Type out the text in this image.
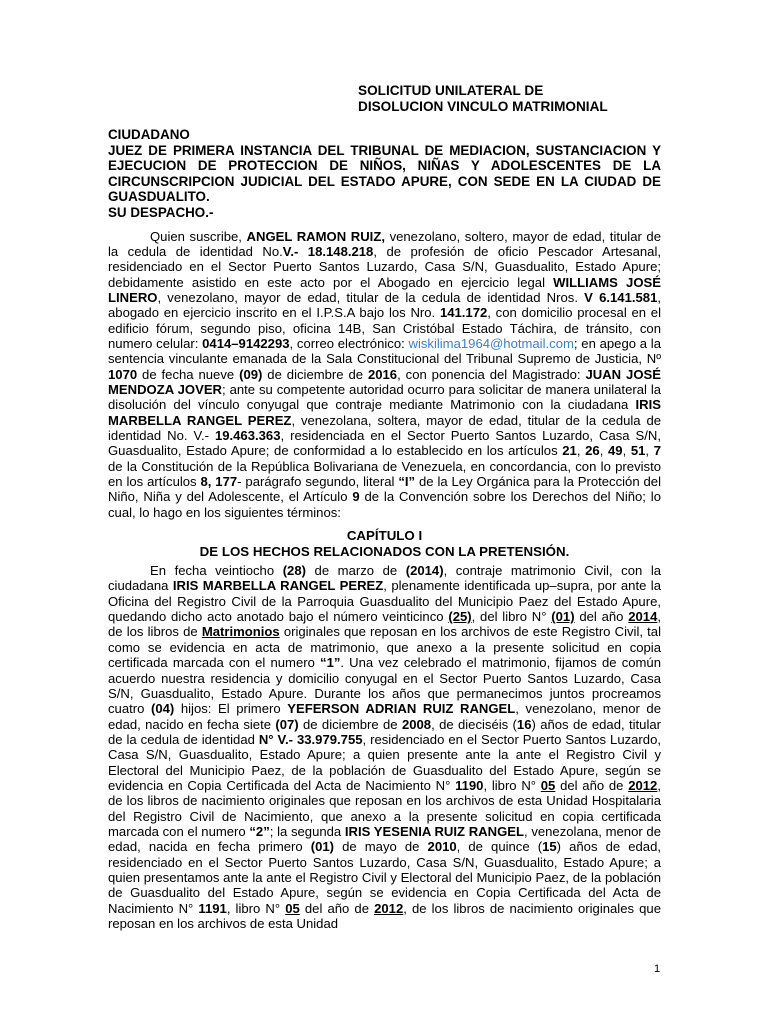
SOLICITUD UNILATERAL DE
DISOLUCION VINCULO MATRIMONIAL
CIUDADANO
JUEZ DE PRIMERA INSTANCIA DEL TRIBUNAL DE MEDIACION, SUSTANCIACION Y EJECUCION DE PROTECCION DE NIÑOS, NIÑAS Y ADOLESCENTES DE LA CIRCUNSCRIPCION JUDICIAL DEL ESTADO APURE, CON SEDE EN LA CIUDAD DE GUASDUALITO.
SU DESPACHO.-

Quien suscribe, ANGEL RAMON RUIZ, venezolano, soltero, mayor de edad, titular de la cedula de identidad No.V.- 18.148.218, de profesión de oficio Pescador Artesanal, residenciado en el Sector Puerto Santos Luzardo, Casa S/N, Guasdualito, Estado Apure; debidamente asistido en este acto por el Abogado en ejercicio legal WILLIAMS JOSÉ LINERO, venezolano, mayor de edad, titular de la cedula de identidad Nros. V 6.141.581, abogado en ejercicio inscrito en el I.P.S.A bajo los Nro. 141.172, con domicilio procesal en el edificio fórum, segundo piso, oficina 14B, San Cristóbal Estado Táchira, de tránsito, con numero celular: 0414–9142293, correo electrónico: wiskilima1964@hotmail.com; en apego a la sentencia vinculante emanada de la Sala Constitucional del Tribunal Supremo de Justicia, Nº 1070 de fecha nueve (09) de diciembre de 2016, con ponencia del Magistrado: JUAN JOSÉ MENDOZA JOVER; ante su competente autoridad ocurro para solicitar de manera unilateral la disolución del vínculo conyugal que contraje mediante Matrimonio con la ciudadana IRIS MARBELLA RANGEL PEREZ, venezolana, soltera, mayor de edad, titular de la cedula de identidad No. V.- 19.463.363, residenciada en el Sector Puerto Santos Luzardo, Casa S/N, Guasdualito, Estado Apure; de conformidad a lo establecido en los artículos 21, 26, 49, 51, 7 de la Constitución de la República Bolivariana de Venezuela, en concordancia, con lo previsto en los artículos 8, 177- parágrafo segundo, literal “I” de la Ley Orgánica para la Protección del Niño, Niña y del Adolescente, el Artículo 9 de la Convención sobre los Derechos del Niño; lo cual, lo hago en los siguientes términos:

CAPÍTULO I
DE LOS HECHOS RELACIONADOS CON LA PRETENSIÓN.

En fecha veintiocho (28) de marzo de (2014), contraje matrimonio Civil, con la ciudadana IRIS MARBELLA RANGEL PEREZ, plenamente identificada up–supra, por ante la Oficina del Registro Civil de la Parroquia Guasdualito del Municipio Paez del Estado Apure, quedando dicho acto anotado bajo el número veinticinco (25), del libro N° (01) del año 2014, de los libros de Matrimonios originales que reposan en los archivos de este Registro Civil, tal como se evidencia en acta de matrimonio, que anexo a la presente solicitud en copia certificada marcada con el numero “1”. Una vez celebrado el matrimonio, fijamos de común acuerdo nuestra residencia y domicilio conyugal en el Sector Puerto Santos Luzardo, Casa S/N, Guasdualito, Estado Apure. Durante los años que permanecimos juntos procreamos cuatro (04) hijos: El primero YEFERSON ADRIAN RUIZ RANGEL, venezolano, menor de edad, nacido en fecha siete (07) de diciembre de 2008, de dieciséis (16) años de edad, titular de la cedula de identidad N° V.- 33.979.755, residenciado en el Sector Puerto Santos Luzardo, Casa S/N, Guasdualito, Estado Apure; a quien presente ante la ante el Registro Civil y Electoral del Municipio Paez, de la población de Guasdualito del Estado Apure, según se evidencia en Copia Certificada del Acta de Nacimiento N° 1190, libro N° 05 del año de 2012, de los libros de nacimiento originales que reposan en los archivos de esta Unidad Hospitalaria del Registro Civil de Nacimiento, que anexo a la presente solicitud en copia certificada marcada con el numero “2”; la segunda IRIS YESENIA RUIZ RANGEL, venezolana, menor de edad, nacida en fecha primero (01) de mayo de 2010, de quince (15) años de edad, residenciado en el Sector Puerto Santos Luzardo, Casa S/N, Guasdualito, Estado Apure; a quien presentamos ante la ante el Registro Civil y Electoral del Municipio Paez, de la población de Guasdualito del Estado Apure, según se evidencia en Copia Certificada del Acta de Nacimiento N° 1191, libro N° 05 del año de 2012, de los libros de nacimiento originales que reposan en los archivos de esta Unidad

1
